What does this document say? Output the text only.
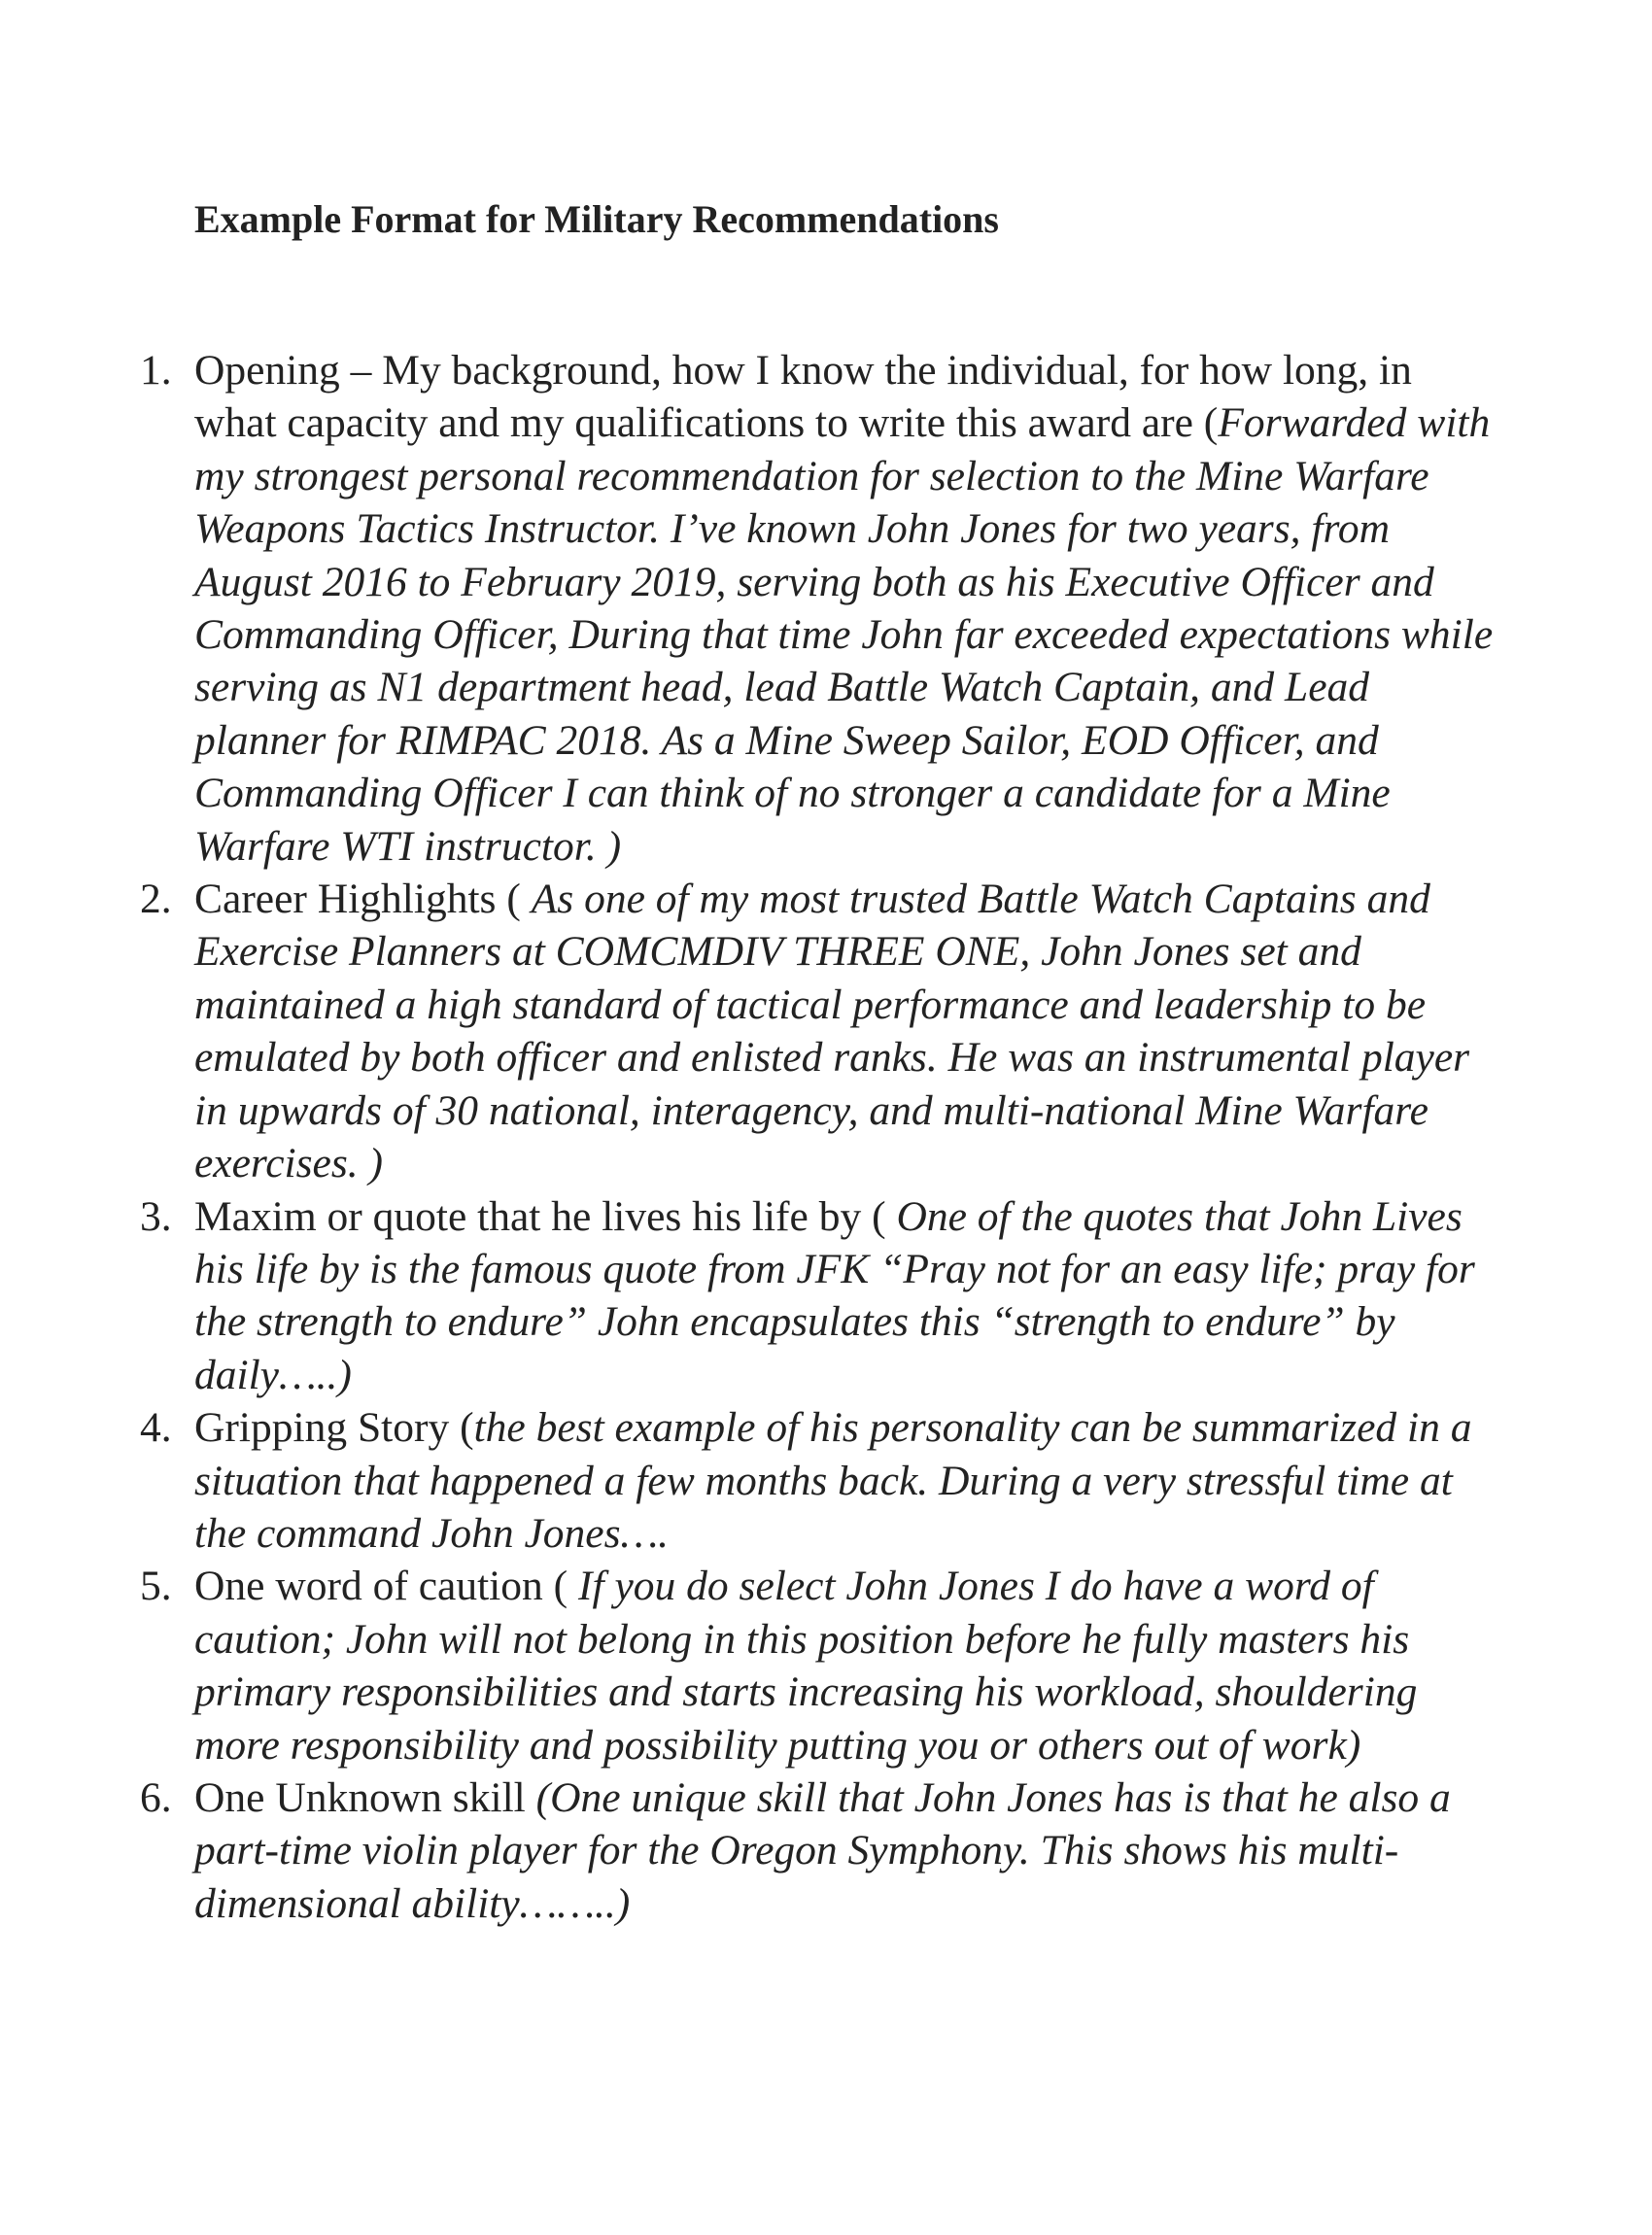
Example Format for Military Recommendations
1. Opening – My background, how I know the individual, for how long, in what capacity and my qualifications to write this award are (Forwarded with my strongest personal recommendation for selection to the Mine Warfare Weapons Tactics Instructor. I’ve known John Jones for two years, from August 2016 to February 2019, serving both as his Executive Officer and Commanding Officer, During that time John far exceeded expectations while serving as N1 department head, lead Battle Watch Captain, and Lead planner for RIMPAC 2018. As a Mine Sweep Sailor, EOD Officer, and Commanding Officer I can think of no stronger a candidate for a Mine Warfare WTI instructor. )
2. Career Highlights ( As one of my most trusted Battle Watch Captains and Exercise Planners at COMCMDIV THREE ONE, John Jones set and maintained a high standard of tactical performance and leadership to be emulated by both officer and enlisted ranks. He was an instrumental player in upwards of 30 national, interagency, and multi-national Mine Warfare exercises. )
3. Maxim or quote that he lives his life by ( One of the quotes that John Lives his life by is the famous quote from JFK “Pray not for an easy life; pray for the strength to endure” John encapsulates this “strength to endure” by daily…..)
4. Gripping Story (the best example of his personality can be summarized in a situation that happened a few months back. During a very stressful time at the command John Jones….
5. One word of caution ( If you do select John Jones I do have a word of caution; John will not belong in this position before he fully masters his primary responsibilities and starts increasing his workload, shouldering more responsibility and possibility putting you or others out of work)
6. One Unknown skill (One unique skill that John Jones has is that he also a part-time violin player for the Oregon Symphony. This shows his multi-dimensional ability……..)
